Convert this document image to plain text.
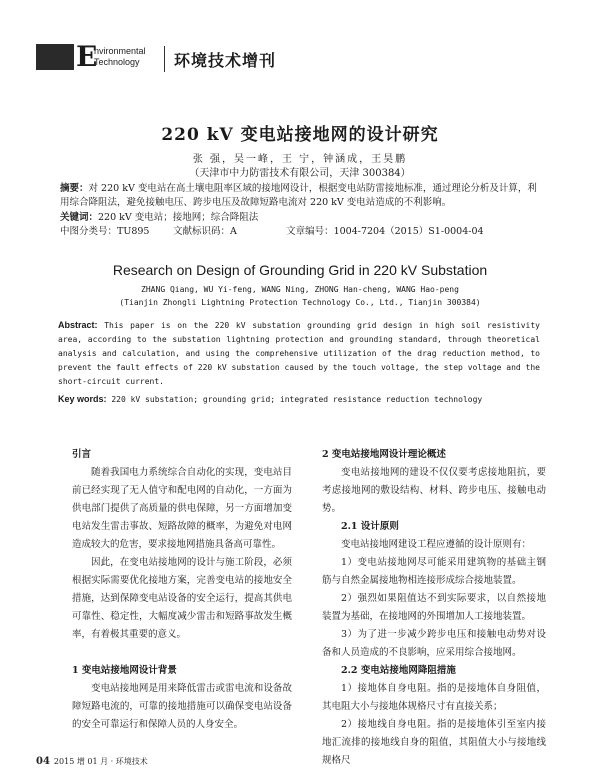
E
nvironmental
Technology	环境技术增刊
220 kV 变电站接地网的设计研究
张 强，吴一峰，王 宁，钟涵成，王昊鹏
（天津市中力防雷技术有限公司，天津 300384）
摘要：对 220 kV 变电站在高土壤电阻率区域的接地网设计，根据变电站防雷接地标准，通过理论分析及计算，利用综合降阻法，避免接触电压、跨步电压及故障短路电流对 220 kV 变电站造成的不利影响。
关键词：220 kV 变电站；接地网；综合降阻法
中图分类号：TU895 文献标识码：A	文章编号：1004-7204（2015）S1-0004-04
Research on Design of Grounding Grid in 220 kV Substation
ZHANG Qiang, WU Yi-feng, WANG Ning, ZHONG Han-cheng, WANG Hao-peng
(Tianjin Zhongli Lightning Protection Technology Co., Ltd., Tianjin 300384)
Abstract: This paper is on the 220 kV substation grounding grid design in high soil resistivity area, according to the substation lightning protection and grounding standard, through theoretical analysis and calculation, and using the comprehensive utilization of the drag reduction method, to prevent the fault effects of 220 kV substation caused by the touch voltage, the step voltage and the short-circuit current.
Key words: 220 kV substation; grounding grid; integrated resistance reduction technology

引言

随着我国电力系统综合自动化的实现，变电站目前已经实现了无人值守和配电网的自动化，一方面为供电部门提供了高质量的供电保障，另一方面增加变电站发生雷击事故、短路故障的概率，为避免对电网造成较大的危害，要求接地网措施具备高可靠性。

因此，在变电站接地网的设计与施工阶段，必须根据实际需要优化接地方案，完善变电站的接地安全措施，达到保障变电站设备的安全运行，提高其供电可靠性、稳定性，大幅度减少雷击和短路事故发生概率，有着极其重要的意义。

1 变电站接地网设计背景

变电站接地网是用来降低雷击或雷电流和设备故障短路电流的，可靠的接地措施可以确保变电站设备的安全可靠运行和保障人员的人身安全。

2 变电站接地网设计理论概述

变电站接地网的建设不仅仅要考虑接地阻抗，要考虑接地网的敷设结构、材料、跨步电压、接触电动势。

2.1 设计原则

变电站接地网建设工程应遵循的设计原则有：

1）变电站接地网尽可能采用建筑物的基础主钢筋与自然金属接地物相连接形成综合接地装置。

2）强烈如果阻值达不到实际要求，以自然接地装置为基础，在接地网的外围增加人工接地装置。

3）为了进一步减少跨步电压和接触电动势对设备和人员造成的不良影响，应采用综合接地网。

2.2 变电站接地网降阻措施

1）接地体自身电阻。指的是接地体自身阻值，其电阻大小与接地体规格尺寸有直接关系；

2）接地线自身电阻。指的是接地体引至室内接地汇流排的接地线自身的阻值，其阻值大小与接地线规格尺

04 2015 增 01 月 · 环境技术
